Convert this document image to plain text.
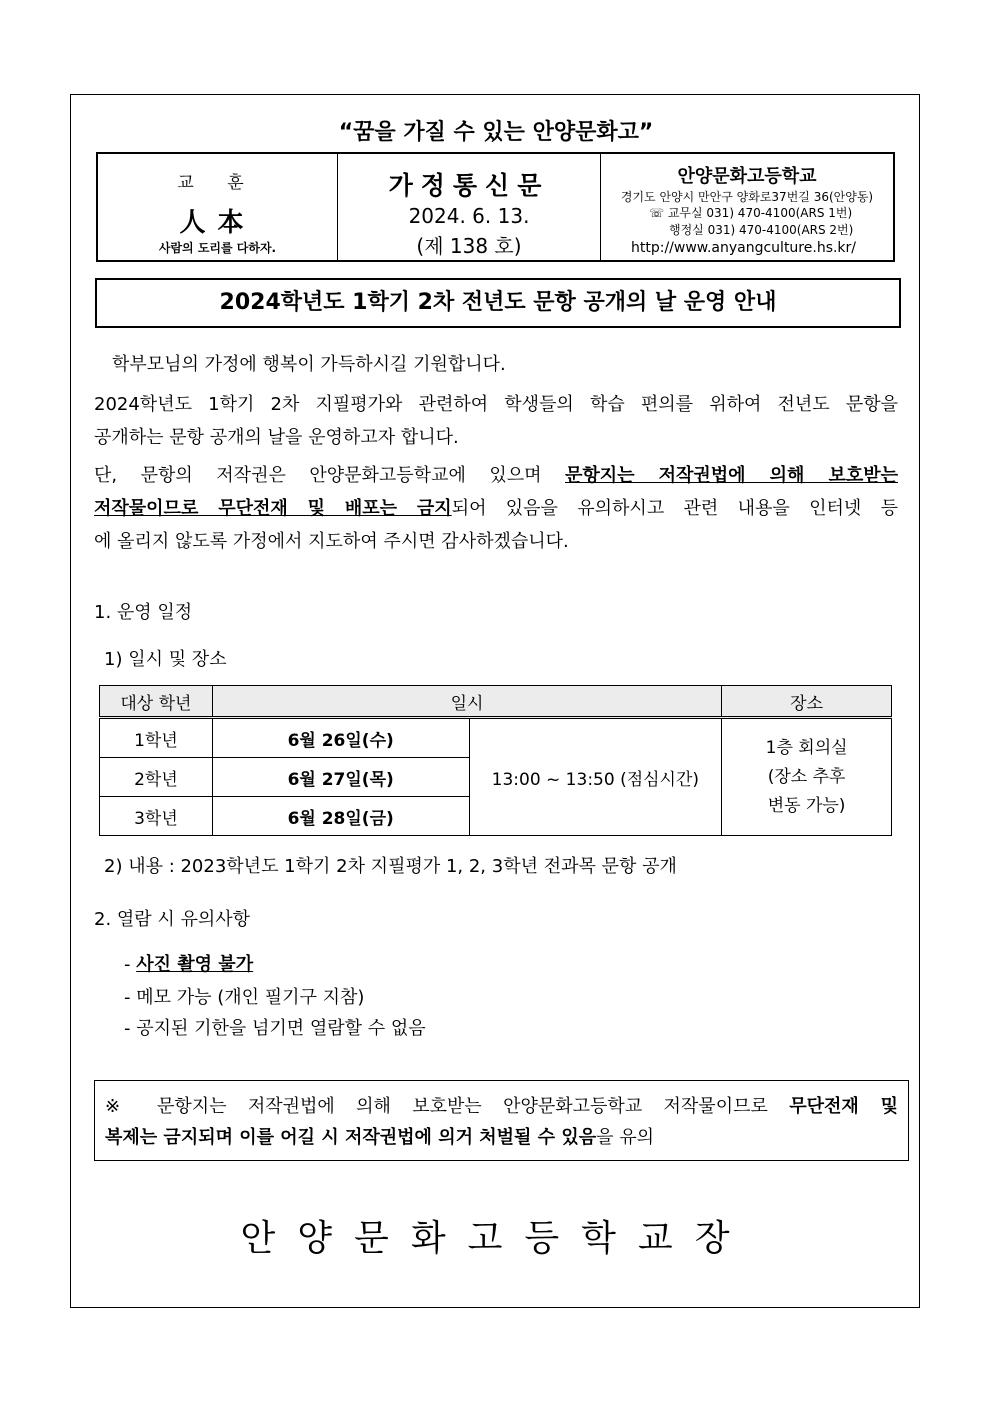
“꿈을 가질 수 있는 안양문화고”
교 훈
人本
사람의 도리를 다하자.
가정통신문
2024. 6. 13.
(제 138 호)
안양문화고등학교
경기도 안양시 만안구 양화로37번길 36(안양동)
☏ 교무실 031) 470-4100(ARS 1번)
행정실 031) 470-4100(ARS 2번)
http://www.anyangculture.hs.kr/
2024학년도 1학기 2차 전년도 문항 공개의 날 운영 안내
학부모님의 가정에 행복이 가득하시길 기원합니다.
2024학년도 1학기 2차 지필평가와 관련하여 학생들의 학습 편의를 위하여 전년도 문항을
공개하는 문항 공개의 날을 운영하고자 합니다.
단, 문항의 저작권은 안양문화고등학교에 있으며 문항지는 저작권법에 의해 보호받는
저작물이므로 무단전재 및 배포는 금지되어 있음을 유의하시고 관련 내용을 인터넷 등
에 올리지 않도록 가정에서 지도하여 주시면 감사하겠습니다.
1. 운영 일정
1) 일시 및 장소
대상 학년	일시		장소
1학년	6월 26일(수)	13:00 ~ 13:50 (점심시간)	1층 회의실
(장소 추후
변동 가능)

2학년	6월 27일(목)		
3학년	6월 28일(금)		
2) 내용 : 2023학년도 1학기 2차 지필평가 1, 2, 3학년 전과목 문항 공개
2. 열람 시 유의사항
- 사진 촬영 불가
- 메모 가능 (개인 필기구 지참)
- 공지된 기한을 넘기면 열람할 수 없음
※ 문항지는 저작권법에 의해 보호받는 안양문화고등학교 저작물이므로 무단전재 및
복제는 금지되며 이를 어길 시 저작권법에 의거 처벌될 수 있음을 유의
안양문화고등학교장
